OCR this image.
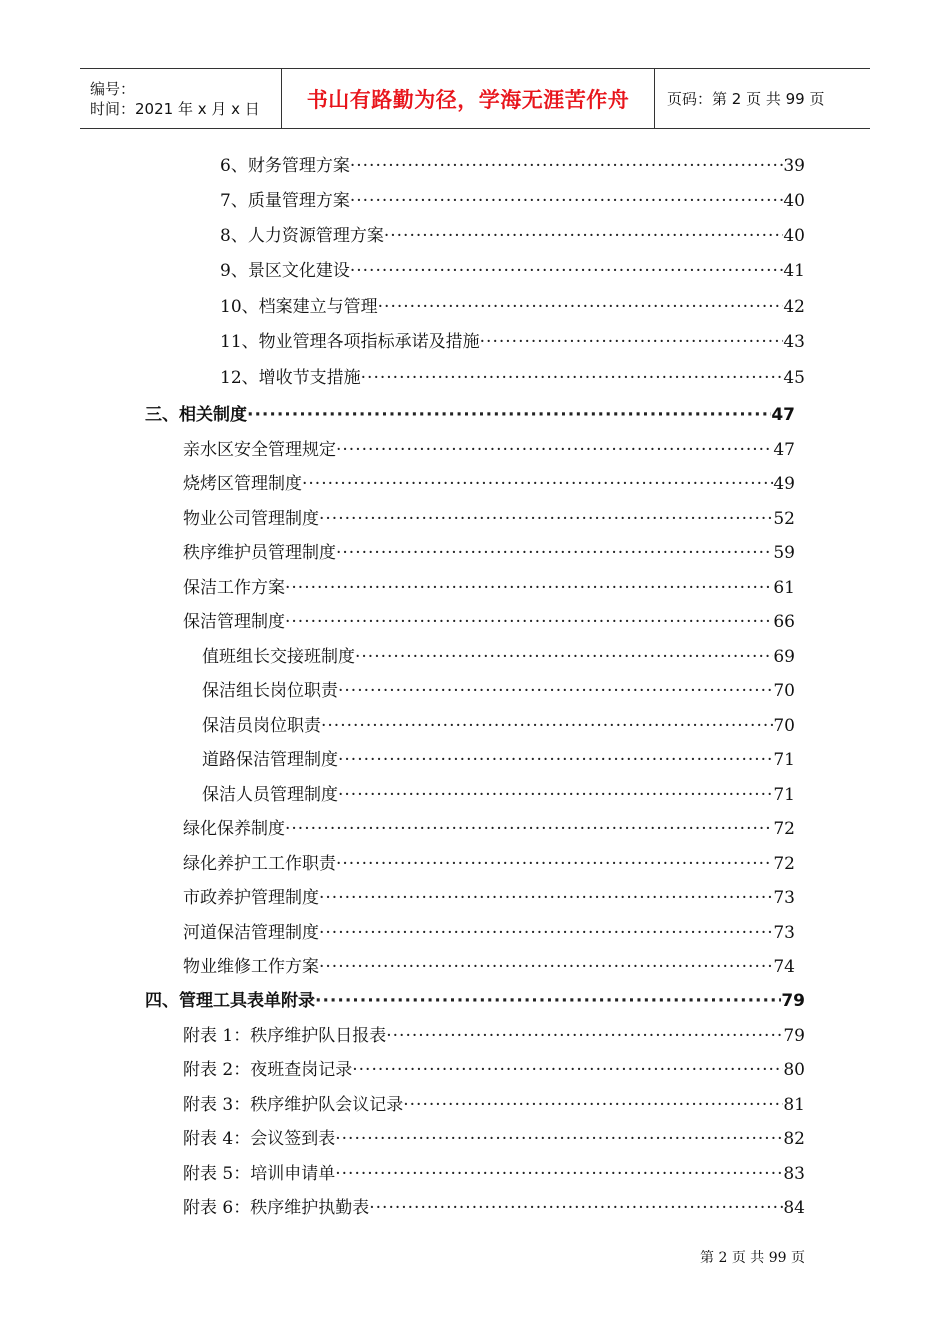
编号：
时间：2021 年 x 月 x 日	书山有路勤为径，学海无涯苦作舟	页码：第 2 页 共 99 页
6、财务管理方案 ·····	39
7、质量管理方案 ·····	40
8、人力资源管理方案 ·····	40
9、景区文化建设 ·····	41
10、档案建立与管理 ·····	42
11、物业管理各项指标承诺及措施 ·····	43
12、增收节支措施 ·····	45
三、相关制度 ·····	47
亲水区安全管理规定 ·····	47
烧烤区管理制度 ·····	49
物业公司管理制度 ·····	52
秩序维护员管理制度 ·····	59
保洁工作方案 ·····	61
保洁管理制度 ·····	66
值班组长交接班制度 ·····	69
保洁组长岗位职责 ·····	70
保洁员岗位职责 ·····	70
道路保洁管理制度 ·····	71
保洁人员管理制度 ·····	71
绿化保养制度 ·····	72
绿化养护工工作职责 ·····	72
市政养护管理制度 ·····	73
河道保洁管理制度 ·····	73
物业维修工作方案 ·····	74
四、管理工具表单附录 ·····	79
附表 1：秩序维护队日报表 ·····	79
附表 2：夜班查岗记录 ·····	80
附表 3：秩序维护队会议记录 ·····	81
附表 4：会议签到表 ·····	82
附表 5：培训申请单 ·····	83
附表 6：秩序维护执勤表 ·····	84
第 2 页 共 99 页
